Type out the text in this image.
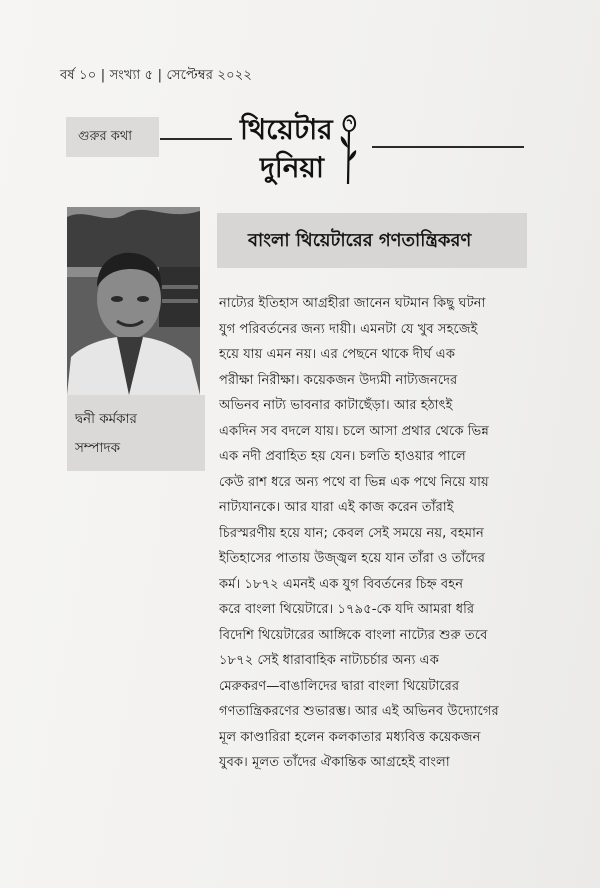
বর্ষ ১০ | সংখ্যা ৫ | সেপ্টেম্বর ২০২২
গুরুর কথা	থিয়েটার
দুনিয়া
দ্বনী কর্মকার
সম্পাদক
বাংলা থিয়েটারের গণতান্ত্রিকরণ
নাট্যের ইতিহাস আগ্রহীরা জানেন ঘটমান কিছু ঘটনা
যুগ পরিবর্তনের জন্য দায়ী। এমনটা যে খুব সহজেই
হয়ে যায় এমন নয়। এর পেছনে থাকে দীর্ঘ এক
পরীক্ষা নিরীক্ষা। কয়েকজন উদ্যমী নাট্যজনদের
অভিনব নাট্য ভাবনার কাটাছেঁড়া। আর হঠাৎই
একদিন সব বদলে যায়। চলে আসা প্রথার থেকে ভিন্ন
এক নদী প্রবাহিত হয় যেন। চলতি হাওয়ার পালে
কেউ রাশ ধরে অন্য পথে বা ভিন্ন এক পথে নিয়ে যায়
নাট্যযানকে। আর যারা এই কাজ করেন তাঁরাই
চিরস্মরণীয় হয়ে যান; কেবল সেই সময়ে নয়, বহমান
ইতিহাসের পাতায় উজ্জ্বল হয়ে যান তাঁরা ও তাঁদের
কর্ম। ১৮৭২ এমনই এক যুগ বিবর্তনের চিহ্ন বহন
করে বাংলা থিয়েটারে। ১৭৯৫-কে যদি আমরা ধরি
বিদেশি থিয়েটারের আঙ্গিকে বাংলা নাট্যের শুরু তবে
১৮৭২ সেই ধারাবাহিক নাট্যচর্চার অন্য এক
মেরুকরণ—বাঙালিদের দ্বারা বাংলা থিয়েটারের
গণতান্ত্রিকরণের শুভারম্ভ। আর এই অভিনব উদ্যোগের
মূল কাণ্ডারিরা হলেন কলকাতার মধ্যবিত্ত কয়েকজন
যুবক। মূলত তাঁদের ঐকান্তিক আগ্রহেই বাংলা
